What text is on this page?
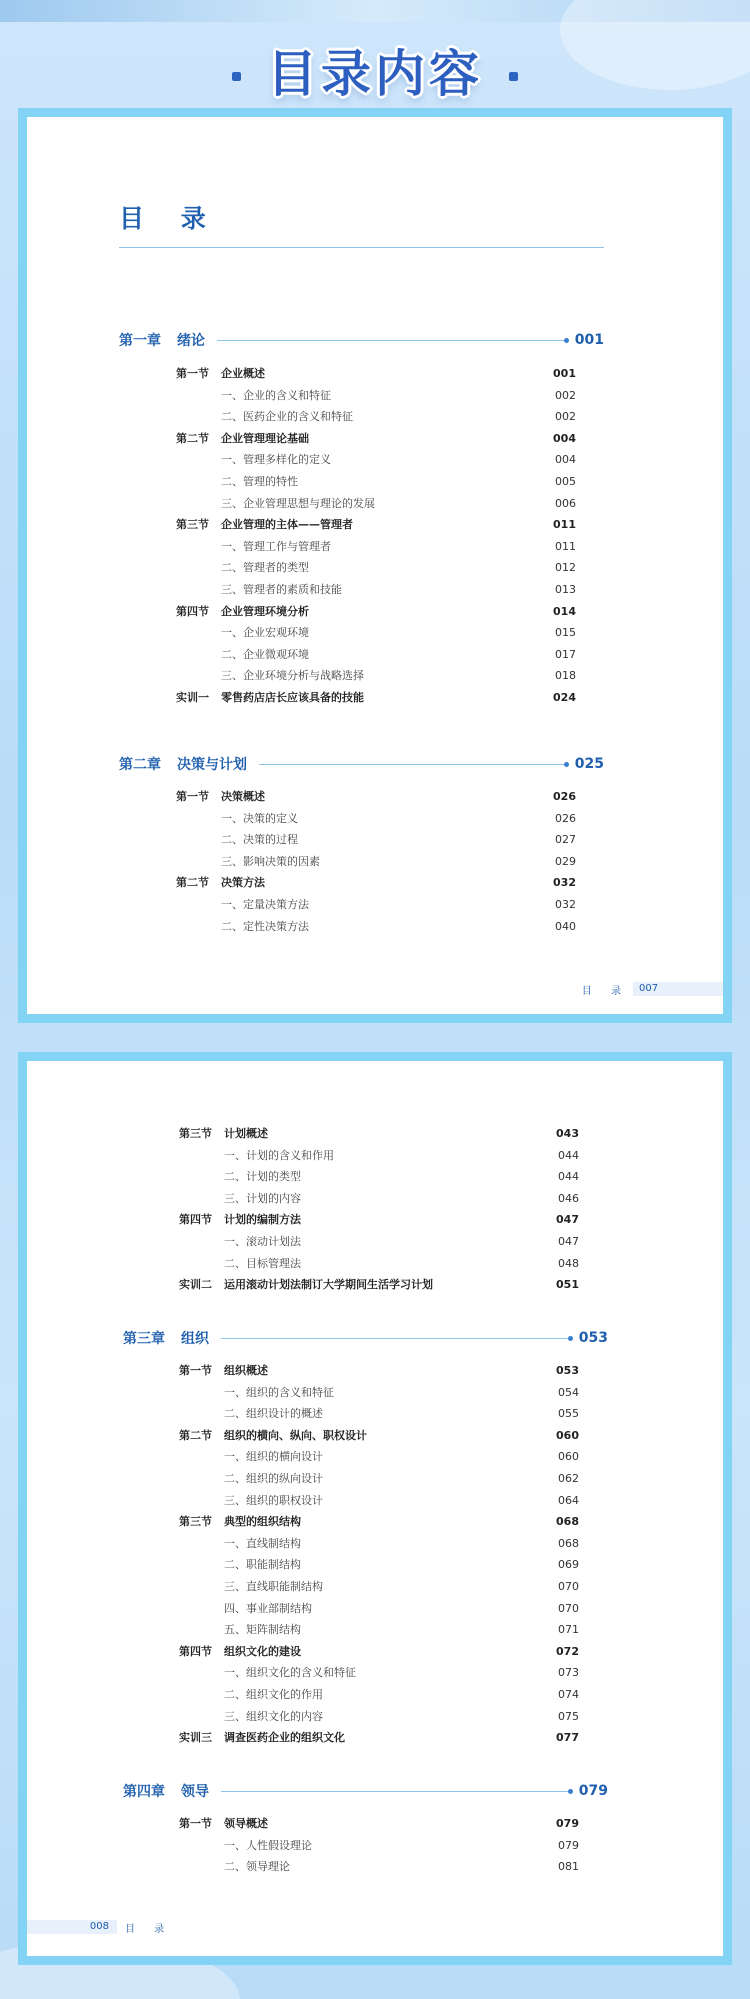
目录内容
目 录
第一章 绪论	001
第一节 企业概述	001
一、企业的含义和特征	002
二、医药企业的含义和特征	002
第二节 企业管理理论基础	004
一、管理多样化的定义	004
二、管理的特性	005
三、企业管理思想与理论的发展	006
第三节 企业管理的主体——管理者	011
一、管理工作与管理者	011
二、管理者的类型	012
三、管理者的素质和技能	013
第四节 企业管理环境分析	014
一、企业宏观环境	015
二、企业微观环境	017
三、企业环境分析与战略选择	018
实训一 零售药店店长应该具备的技能	024
第二章 决策与计划	025
第一节 决策概述	026
一、决策的定义	026
二、决策的过程	027
三、影响决策的因素	029
第二节 决策方法	032
一、定量决策方法	032
二、定性决策方法	040
目 录	007
第三节 计划概述	043
一、计划的含义和作用	044
二、计划的类型	044
三、计划的内容	046
第四节 计划的编制方法	047
一、滚动计划法	047
二、目标管理法	048
实训二 运用滚动计划法制订大学期间生活学习计划	051
第三章 组织	053
第一节 组织概述	053
一、组织的含义和特征	054
二、组织设计的概述	055
第二节 组织的横向、纵向、职权设计	060
一、组织的横向设计	060
二、组织的纵向设计	062
三、组织的职权设计	064
第三节 典型的组织结构	068
一、直线制结构	068
二、职能制结构	069
三、直线职能制结构	070
四、事业部制结构	070
五、矩阵制结构	071
第四节 组织文化的建设	072
一、组织文化的含义和特征	073
二、组织文化的作用	074
三、组织文化的内容	075
实训三 调查医药企业的组织文化	077
第四章 领导	079
第一节 领导概述	079
一、人性假设理论	079
二、领导理论	081
008	目 录
